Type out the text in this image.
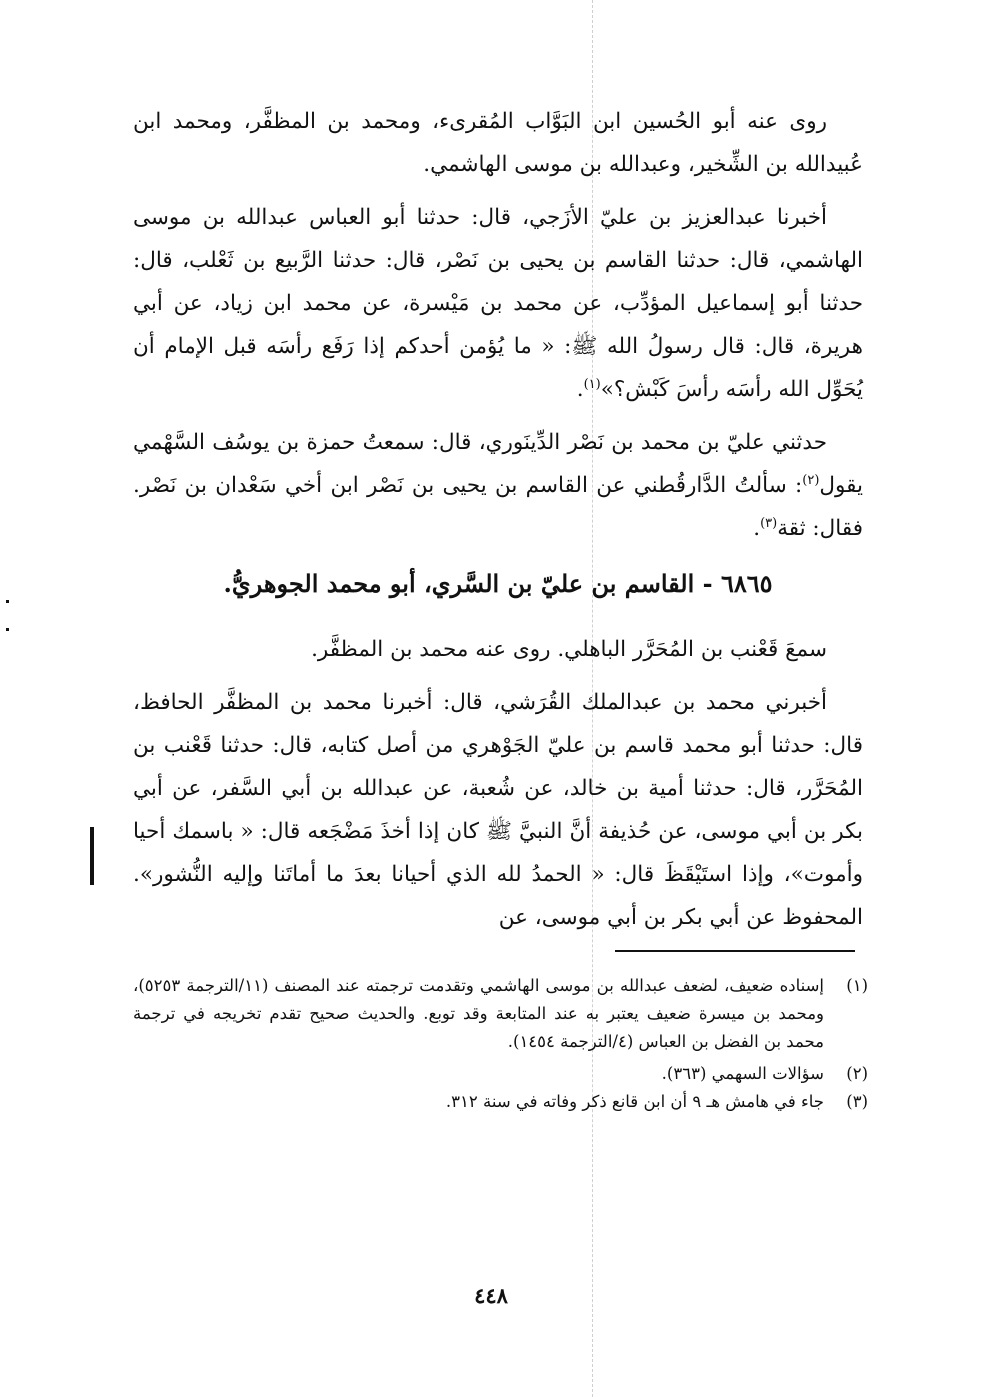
روى عنه أبو الحُسين ابن البَوَّاب المُقرىء، ومحمد بن المظفَّر، ومحمد ابن عُبيدالله بن الشِّخير، وعبدالله بن موسى الهاشمي.

أخبرنا عبدالعزيز بن عليّ الأزَجي، قال: حدثنا أبو العباس عبدالله بن موسى الهاشمي، قال: حدثنا القاسم بن يحيى بن نَصْر، قال: حدثنا الرَّبيع بن ثَعْلب، قال: حدثنا أبو إسماعيل المؤدِّب، عن محمد بن مَيْسرة، عن محمد ابن زياد، عن أبي هريرة، قال: قال رسولُ الله ﷺ: « ما يُؤمن أحدكم إذا رَفَع رأسَه قبل الإمام أن يُحَوِّل الله رأسَه رأسَ كَبْش؟»$^{(١)}$.

حدثني عليّ بن محمد بن نَصْر الدِّينَوري، قال: سمعتُ حمزة بن يوسُف السَّهْمي يقول$^{(٢)}$: سألتُ الدَّارقُطني عن القاسم بن يحيى بن نَصْر ابن أخي سَعْدان بن نَصْر. فقال: ثقة$^{(٣)}$.

٦٨٦٥ - القاسم بن عليّ بن السَّري، أبو محمد الجوهريُّ.

سمعَ قَعْنب بن المُحَرَّر الباهلي. روى عنه محمد بن المظفَّر.

أخبرني محمد بن عبدالملك القُرَشي، قال: أخبرنا محمد بن المظفَّر الحافظ، قال: حدثنا أبو محمد قاسم بن عليّ الجَوْهري من أصل كتابه، قال: حدثنا قَعْنب بن المُحَرَّر، قال: حدثنا أمية بن خالد، عن شُعبة، عن عبدالله بن أبي السَّفر، عن أبي بكر بن أبي موسى، عن حُذيفة أنَّ النبيَّ ﷺ كان إذا أخذَ مَضْجَعه قال: « باسمك أحيا وأموت»، وإذا استَيْقَظَ قال: « الحمدُ لله الذي أحيانا بعدَ ما أماتَنا وإليه النُّشور». المحفوظ عن أبي بكر بن أبي موسى، عن

(١)
إسناده ضعيف، لضعف عبدالله بن موسى الهاشمي وتقدمت ترجمته عند المصنف (١١/الترجمة ٥٢٥٣)، ومحمد بن ميسرة ضعيف يعتبر به عند المتابعة وقد توبع. والحديث صحيح تقدم تخريجه في ترجمة محمد بن الفضل بن العباس (٤/الترجمة ١٤٥٤).
(٢)
سؤالات السهمي (٣٦٣).
(٣)
جاء في هامش هـ ٩ أن ابن قانع ذكر وفاته في سنة ٣١٢.
٤٤٨
